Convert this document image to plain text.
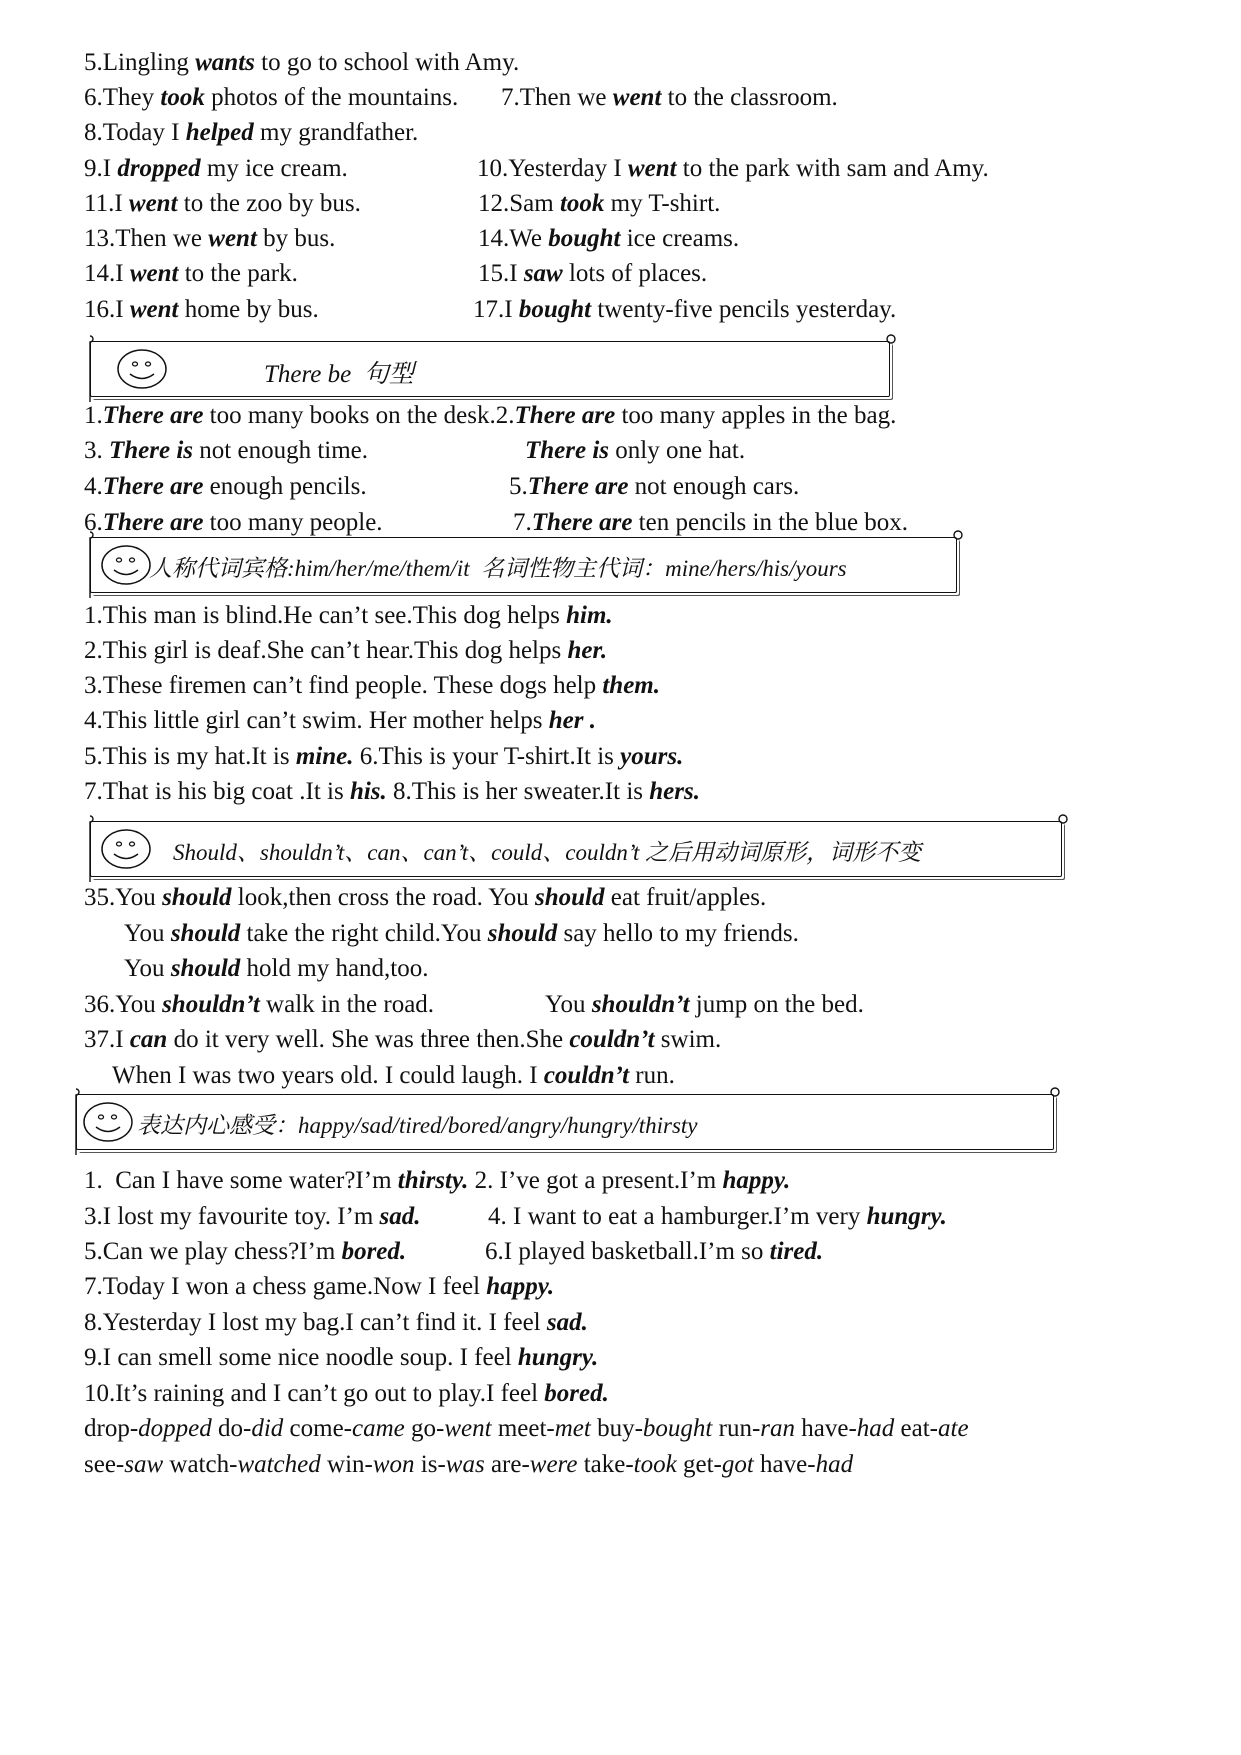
5.Lingling wants to go to school with Amy.
6.They took photos of the mountains. 7.Then we went to the classroom.
8.Today I helped my grandfather.
9.I dropped my ice cream.	10.Yesterday I went to the park with sam and Amy.
11.I went to the zoo by bus.	12.Sam took my T-shirt.
13.Then we went by bus.	14.We bought ice creams.
14.I went to the park.	15.I saw lots of places.
16.I went home by bus.	17.I bought twenty-five pencils yesterday.
There be  句型
1.There are too many books on the desk.2.There are too many apples in the bag.
3. There is not enough time.	There is only one hat.
4.There are enough pencils.	5.There are not enough cars.
6.There are too many people.	7.There are ten pencils in the blue box.
人称代词宾格:him/her/me/them/it  名词性物主代词：mine/hers/his/yours
1.This man is blind.He can’t see.This dog helps him.
2.This girl is deaf.She can’t hear.This dog helps her.
3.These firemen can’t find people. These dogs help them.
4.This little girl can’t swim. Her mother helps her .
5.This is my hat.It is mine. 6.This is your T-shirt.It is yours.
7.That is his big coat .It is his. 8.This is her sweater.It is hers.
Should、shouldn’t、can、can’t、could、couldn’t 之后用动词原形，词形不变
35.You should look,then cross the road. You should eat fruit/apples.
You should take the right child.You should say hello to my friends.
You should hold my hand,too.
36.You shouldn’t walk in the road.	You shouldn’t jump on the bed.
37.I can do it very well. She was three then.She couldn’t swim.
When I was two years old. I could laugh. I couldn’t run.
表达内心感受：happy/sad/tired/bored/angry/hungry/thirsty
1.  Can I have some water?I’m thirsty. 2. I’ve got a present.I’m happy.
3.I lost my favourite toy. I’m sad.	4. I want to eat a hamburger.I’m very hungry.
5.Can we play chess?I’m bored.	6.I played basketball.I’m so tired.
7.Today I won a chess game.Now I feel happy.
8.Yesterday I lost my bag.I can’t find it. I feel sad.
9.I can smell some nice noodle soup. I feel hungry.
10.It’s raining and I can’t go out to play.I feel bored.
drop-dopped do-did come-came go-went meet-met buy-bought run-ran have-had eat-ate
see-saw watch-watched win-won is-was are-were take-took get-got have-had
